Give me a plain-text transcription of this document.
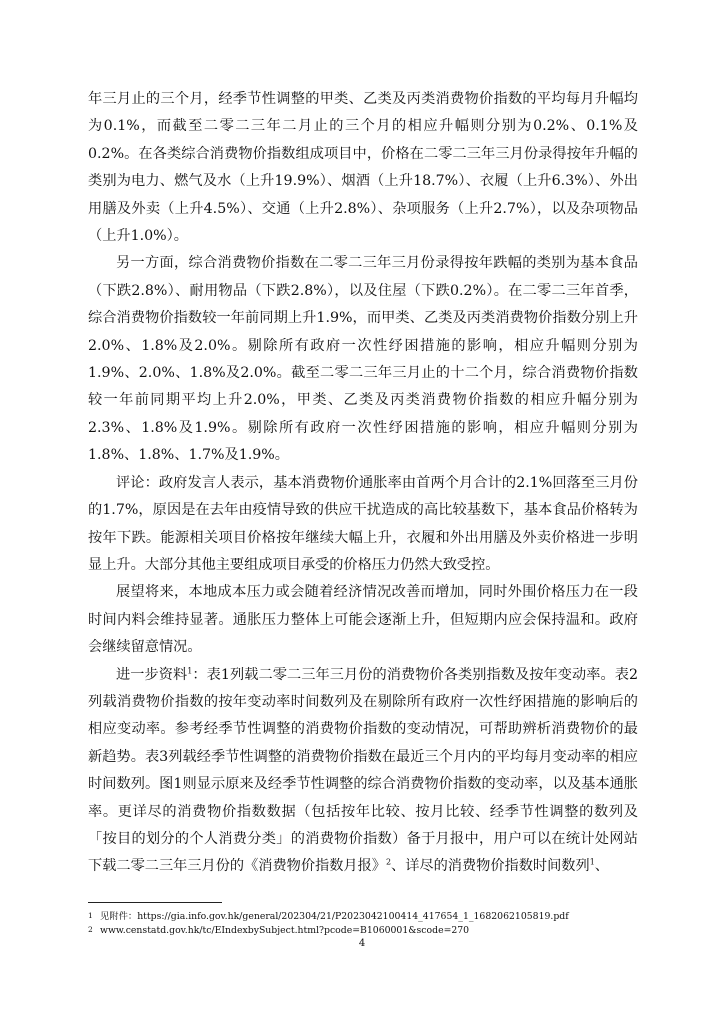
年三月止的三个月，经季节性调整的甲类、乙类及丙类消费物价指数的平均每月升幅均为0.1%，而截至二零二三年二月止的三个月的相应升幅则分别为0.2%、0.1%及0.2%。在各类综合消费物价指数组成项目中，价格在二零二三年三月份录得按年升幅的类别为电力、燃气及水（上升19.9%）、烟酒（上升18.7%）、衣履（上升6.3%）、外出用膳及外卖（上升4.5%）、交通（上升2.8%）、杂项服务（上升2.7%），以及杂项物品（上升1.0%）。

另一方面，综合消费物价指数在二零二三年三月份录得按年跌幅的类别为基本食品（下跌2.8%）、耐用物品（下跌2.8%），以及住屋（下跌0.2%）。在二零二三年首季，综合消费物价指数较一年前同期上升1.9%，而甲类、乙类及丙类消费物价指数分别上升2.0%、1.8%及2.0%。剔除所有政府一次性纾困措施的影响，相应升幅则分别为1.9%、2.0%、1.8%及2.0%。截至二零二三年三月止的十二个月，综合消费物价指数较一年前同期平均上升2.0%，甲类、乙类及丙类消费物价指数的相应升幅分别为2.3%、1.8%及1.9%。剔除所有政府一次性纾困措施的影响，相应升幅则分别为1.8%、1.8%、1.7%及1.9%。

评论：政府发言人表示，基本消费物价通胀率由首两个月合计的2.1%回落至三月份的1.7%，原因是在去年由疫情导致的供应干扰造成的高比较基数下，基本食品价格转为按年下跌。能源相关项目价格按年继续大幅上升，衣履和外出用膳及外卖价格进一步明显上升。大部分其他主要组成项目承受的价格压力仍然大致受控。

展望将来，本地成本压力或会随着经济情况改善而增加，同时外围价格压力在一段时间内料会维持显著。通胀压力整体上可能会逐渐上升，但短期内应会保持温和。政府会继续留意情况。

进一步资料$^1$：表1列载二零二三年三月份的消费物价各类别指数及按年变动率。表2列载消费物价指数的按年变动率时间数列及在剔除所有政府一次性纾困措施的影响后的相应变动率。参考经季节性调整的消费物价指数的变动情况，可帮助辨析消费物价的最新趋势。表3列载经季节性调整的消费物价指数在最近三个月内的平均每月变动率的相应时间数列。图1则显示原来及经季节性调整的综合消费物价指数的变动率，以及基本通胀率。更详尽的消费物价指数数据（包括按年比较、按月比较、经季节性调整的数列及「按目的划分的个人消费分类」的消费物价指数）备于月报中，用户可以在统计处网站下载二零二三年三月份的《消费物价指数月报》$^2$、详尽的消费物价指数时间数列$^1$、

1 见附件：https://gia.info.gov.hk/general/202304/21/P2023042100414_417654_1_1682062105819.pdf

2 www.censtatd.gov.hk/tc/EIndexbySubject.html?pcode=B1060001&scode=270

4
